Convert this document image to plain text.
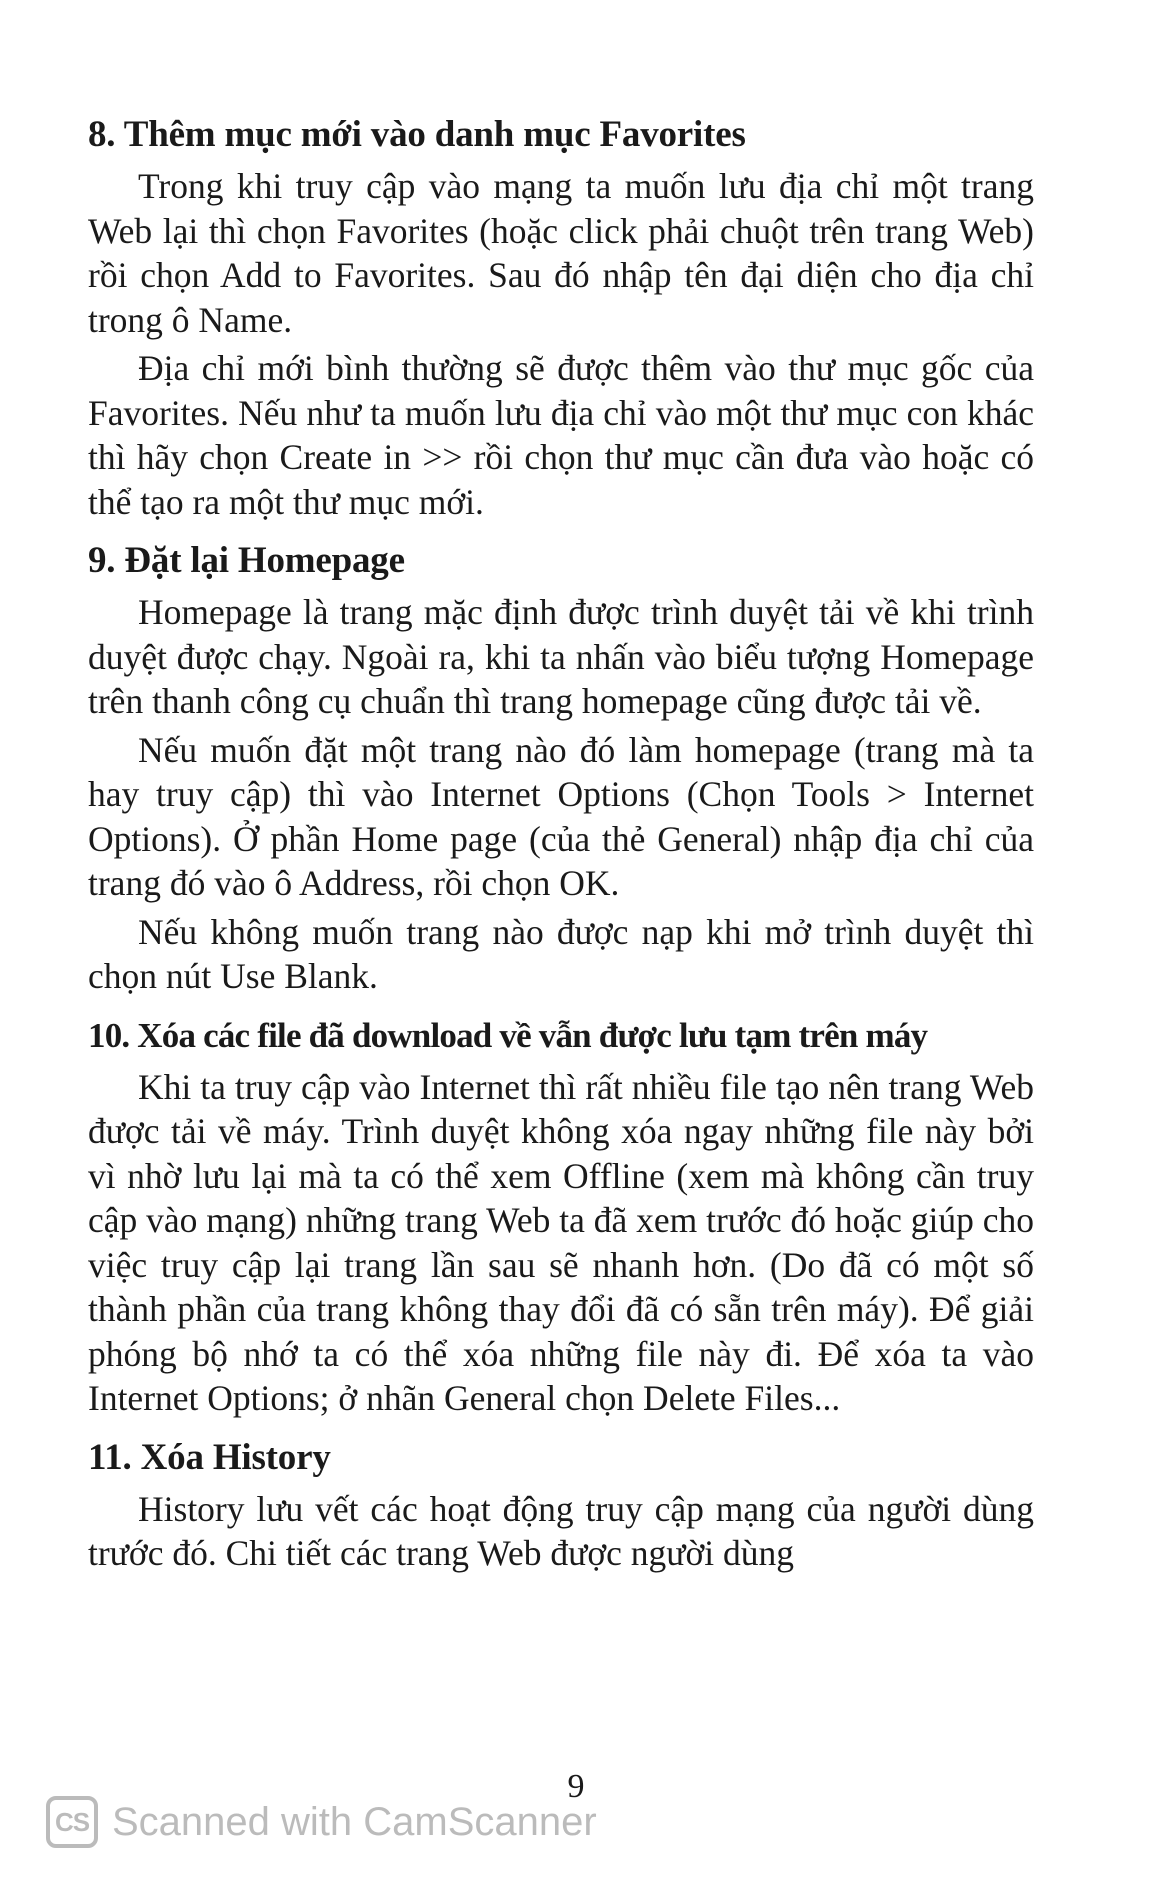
8. Thêm mục mới vào danh mục Favorites

Trong khi truy cập vào mạng ta muốn lưu địa chỉ một trang Web lại thì chọn Favorites (hoặc click phải chuột trên trang Web) rồi chọn Add to Favorites. Sau đó nhập tên đại diện cho địa chỉ trong ô Name.

Địa chỉ mới bình thường sẽ được thêm vào thư mục gốc của Favorites. Nếu như ta muốn lưu địa chỉ vào một thư mục con khác thì hãy chọn Create in >> rồi chọn thư mục cần đưa vào hoặc có thể tạo ra một thư mục mới.

9. Đặt lại Homepage

Homepage là trang mặc định được trình duyệt tải về khi trình duyệt được chạy. Ngoài ra, khi ta nhấn vào biểu tượng Homepage trên thanh công cụ chuẩn thì trang homepage cũng được tải về.

Nếu muốn đặt một trang nào đó làm homepage (trang mà ta hay truy cập) thì vào Internet Options (Chọn Tools > Internet Options). Ở phần Home page (của thẻ General) nhập địa chỉ của trang đó vào ô Address, rồi chọn OK.

Nếu không muốn trang nào được nạp khi mở trình duyệt thì chọn nút Use Blank.

10. Xóa các file đã download về vẫn được lưu tạm trên máy

Khi ta truy cập vào Internet thì rất nhiều file tạo nên trang Web được tải về máy. Trình duyệt không xóa ngay những file này bởi vì nhờ lưu lại mà ta có thể xem Offline (xem mà không cần truy cập vào mạng) những trang Web ta đã xem trước đó hoặc giúp cho việc truy cập lại trang lần sau sẽ nhanh hơn. (Do đã có một số thành phần của trang không thay đổi đã có sẵn trên máy). Để giải phóng bộ nhớ ta có thể xóa những file này đi. Để xóa ta vào Internet Options; ở nhãn General chọn Delete Files...

11. Xóa History

History lưu vết các hoạt động truy cập mạng của người dùng trước đó. Chi tiết các trang Web được người dùng

9
CS Scanned with CamScanner
